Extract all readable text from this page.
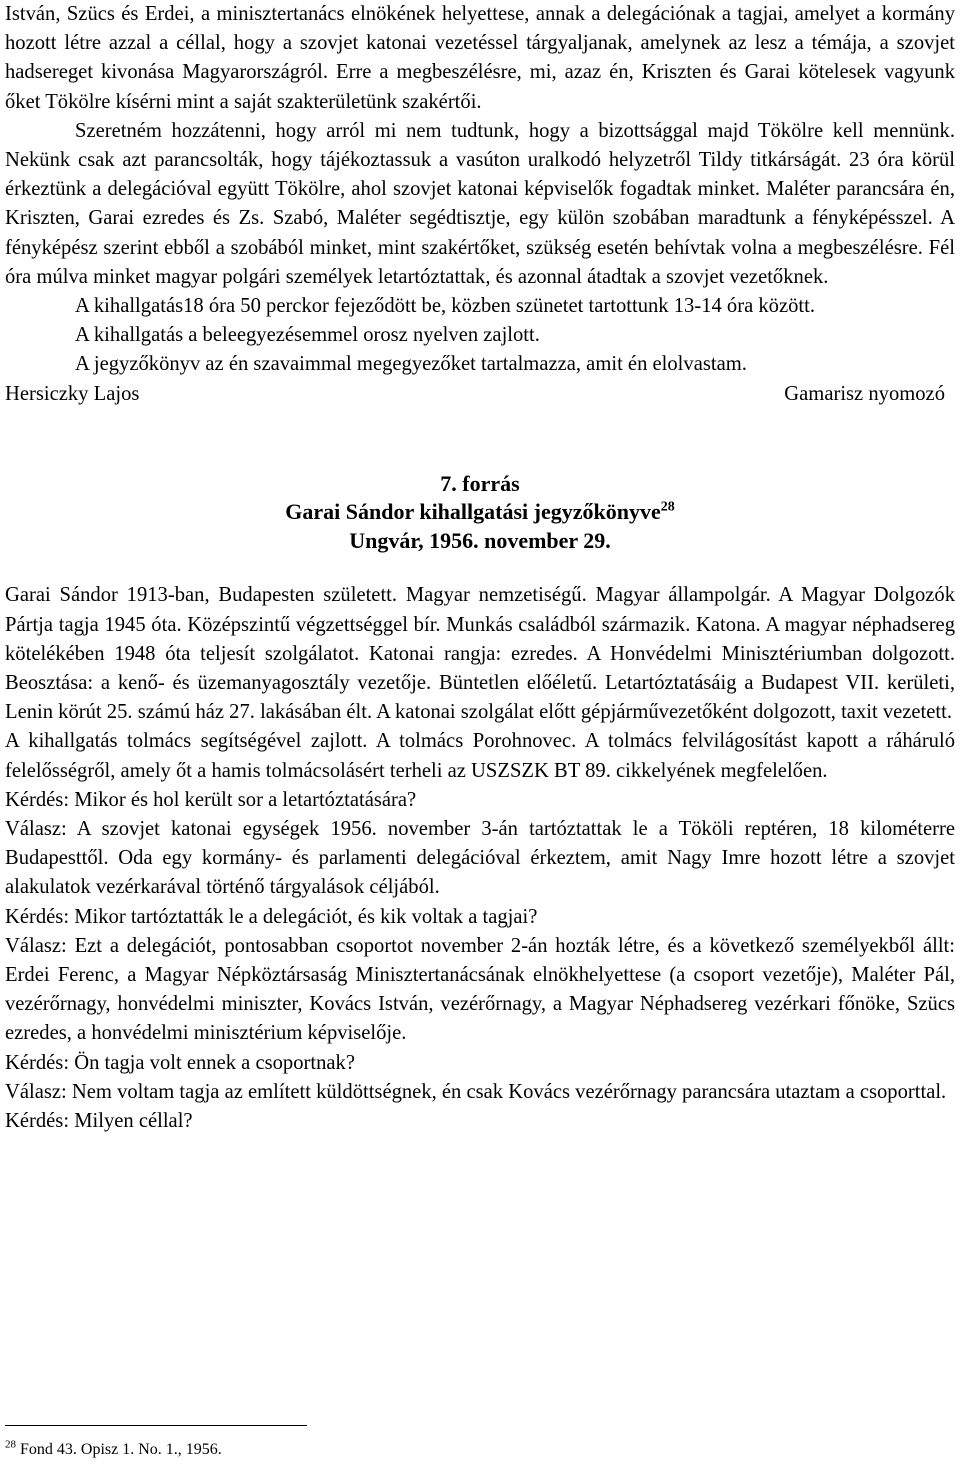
István, Szücs és Erdei, a minisztertanács elnökének helyettese, annak a delegációnak a tagjai, amelyet a kormány hozott létre azzal a céllal, hogy a szovjet katonai vezetéssel tárgyaljanak, amelynek az lesz a témája, a szovjet hadsereget kivonása Magyarországról. Erre a megbeszélésre, mi, azaz én, Kriszten és Garai kötelesek vagyunk őket Tökölre kísérni mint a saját szakterületünk szakértői.

Szeretném hozzátenni, hogy arról mi nem tudtunk, hogy a bizottsággal majd Tökölre kell mennünk. Nekünk csak azt parancsolták, hogy tájékoztassuk a vasúton uralkodó helyzetről Tildy titkárságát. 23 óra körül érkeztünk a delegációval együtt Tökölre, ahol szovjet katonai képviselők fogadtak minket. Maléter parancsára én, Kriszten, Garai ezredes és Zs. Szabó, Maléter segédtisztje, egy külön szobában maradtunk a fényképésszel. A fényképész szerint ebből a szobából minket, mint szakértőket, szükség esetén behívtak volna a megbeszélésre. Fél óra múlva minket magyar polgári személyek letartóztattak, és azonnal átadtak a szovjet vezetőknek.

A kihallgatás18 óra 50 perckor fejeződött be, közben szünetet tartottunk 13-14 óra között.

A kihallgatás a beleegyezésemmel orosz nyelven zajlott.

A jegyzőkönyv az én szavaimmal megegyezőket tartalmazza, amit én elolvastam.

Hersiczky Lajos	Gamarisz nyomozó
7. forrás
Garai Sándor kihallgatási jegyzőkönyve$^{28}$
Ungvár, 1956. november 29.

Garai Sándor 1913-ban, Budapesten született. Magyar nemzetiségű. Magyar állampolgár. A Magyar Dolgozók Pártja tagja 1945 óta. Középszintű végzettséggel bír. Munkás családból származik. Katona. A magyar néphadsereg kötelékében 1948 óta teljesít szolgálatot. Katonai rangja: ezredes. A Honvédelmi Minisztériumban dolgozott. Beosztása: a kenő- és üzemanyagosztály vezetője. Büntetlen előéletű. Letartóztatásáig a Budapest VII. kerületi, Lenin körút 25. számú ház 27. lakásában élt. A katonai szolgálat előtt gépjárművezetőként dolgozott, taxit vezetett.

A kihallgatás tolmács segítségével zajlott. A tolmács Porohnovec. A tolmács felvilágosítást kapott a ráháruló felelősségről, amely őt a hamis tolmácsolásért terheli az USZSZK BT 89. cikkelyének megfelelően.

Kérdés: Mikor és hol került sor a letartóztatására?

Válasz: A szovjet katonai egységek 1956. november 3-án tartóztattak le a Tököli reptéren, 18 kilométerre Budapesttől. Oda egy kormány- és parlamenti delegációval érkeztem, amit Nagy Imre hozott létre a szovjet alakulatok vezérkarával történő tárgyalások céljából.

Kérdés: Mikor tartóztatták le a delegációt, és kik voltak a tagjai?

Válasz: Ezt a delegációt, pontosabban csoportot november 2-án hozták létre, és a következő személyekből állt: Erdei Ferenc, a Magyar Népköztársaság Minisztertanácsának elnökhelyettese (a csoport vezetője), Maléter Pál, vezérőrnagy, honvédelmi miniszter, Kovács István, vezérőrnagy, a Magyar Néphadsereg vezérkari főnöke, Szücs ezredes, a honvédelmi minisztérium képviselője.

Kérdés: Ön tagja volt ennek a csoportnak?

Válasz: Nem voltam tagja az említett küldöttségnek, én csak Kovács vezérőrnagy parancsára utaztam a csoporttal.

Kérdés: Milyen céllal?

$^{28}$ Fond 43. Opisz 1. No. 1., 1956.
